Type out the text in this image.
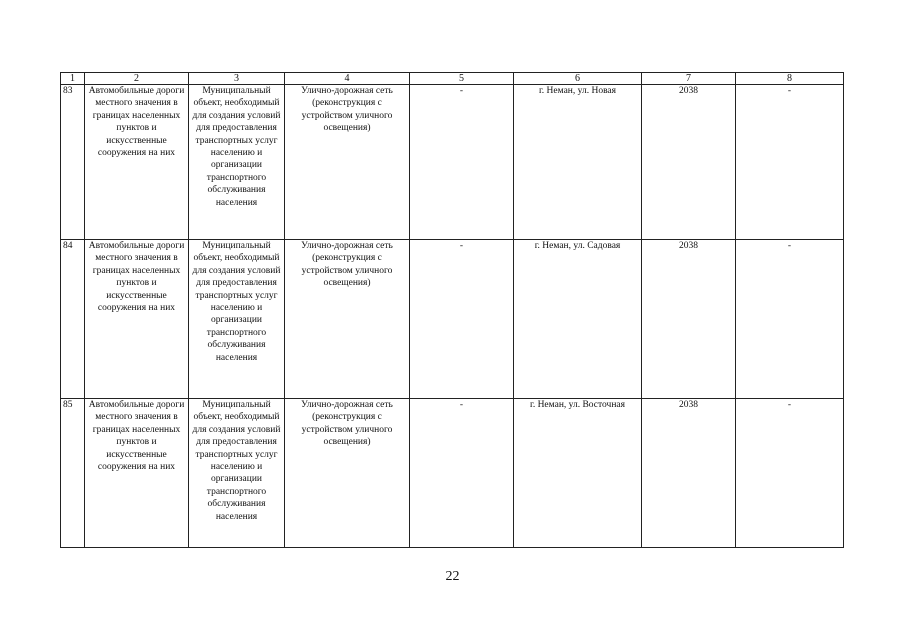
1	2	3	4	5	6	7	8
83	Автомобильные дороги местного значения в границах населенных пунктов и искусственные сооружения на них	Муниципальный объект, необходимый для создания условий для предоставления транспортных услуг населению и организации транспортного обслуживания населения	Улично-дорожная сеть (реконструкция с устройством уличного освещения)	-	г. Неман, ул. Новая	2038	-
84	Автомобильные дороги местного значения в границах населенных пунктов и искусственные сооружения на них	Муниципальный объект, необходимый для создания условий для предоставления транспортных услуг населению и организации транспортного обслуживания населения	Улично-дорожная сеть (реконструкция с устройством уличного освещения)	-	г. Неман, ул. Садовая	2038	-
85	Автомобильные дороги местного значения в границах населенных пунктов и искусственные сооружения на них	Муниципальный объект, необходимый для создания условий для предоставления транспортных услуг населению и организации транспортного обслуживания населения	Улично-дорожная сеть (реконструкция с устройством уличного освещения)	-	г. Неман, ул. Восточная	2038	-
22
